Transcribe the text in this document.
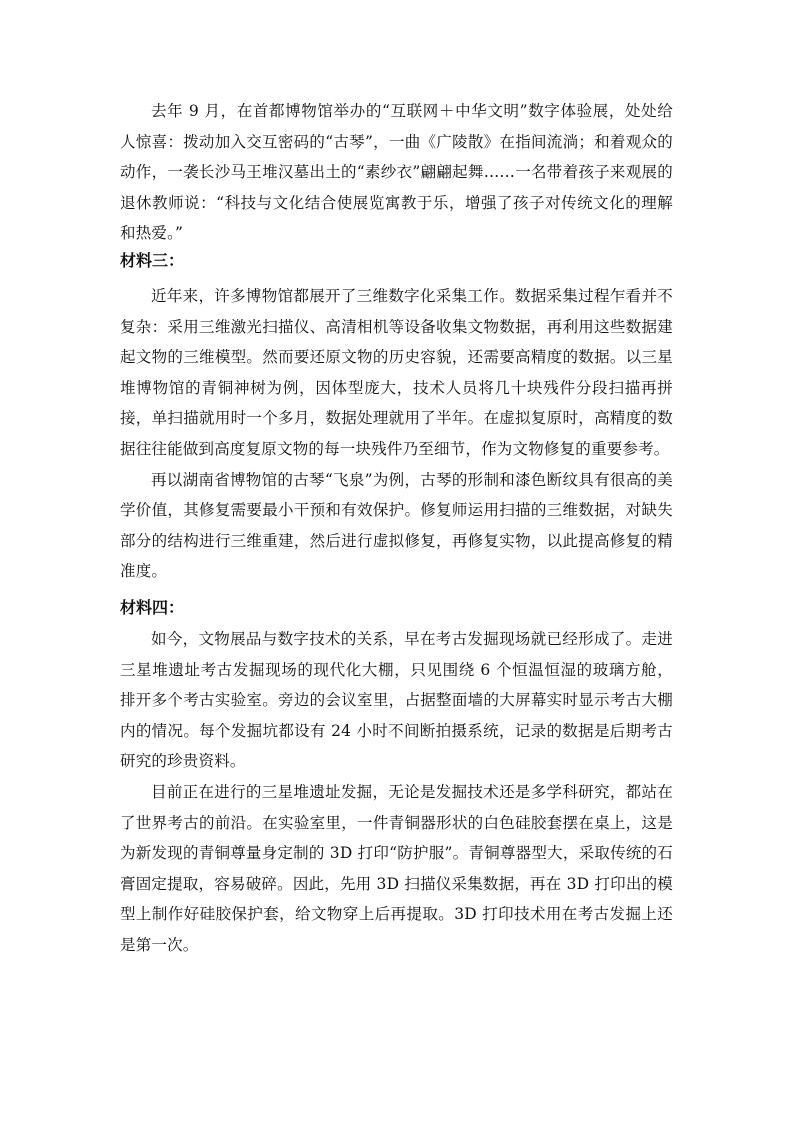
去年 9 月，在首都博物馆举办的“互联网＋中华文明”数字体验展，处处给人惊喜：拨动加入交互密码的“古琴”，一曲《广陵散》在指间流淌；和着观众的动作，一袭长沙马王堆汉墓出土的“素纱衣”翩翩起舞……一名带着孩子来观展的退休教师说：“科技与文化结合使展览寓教于乐，增强了孩子对传统文化的理解和热爱。”

材料三：

近年来，许多博物馆都展开了三维数字化采集工作。数据采集过程乍看并不复杂：采用三维激光扫描仪、高清相机等设备收集文物数据，再利用这些数据建起文物的三维模型。然而要还原文物的历史容貌，还需要高精度的数据。以三星堆博物馆的青铜神树为例，因体型庞大，技术人员将几十块残件分段扫描再拼接，单扫描就用时一个多月，数据处理就用了半年。在虚拟复原时，高精度的数据往往能做到高度复原文物的每一块残件乃至细节，作为文物修复的重要参考。

再以湖南省博物馆的古琴“飞泉”为例，古琴的形制和漆色断纹具有很高的美学价值，其修复需要最小干预和有效保护。修复师运用扫描的三维数据，对缺失部分的结构进行三维重建，然后进行虚拟修复，再修复实物，以此提高修复的精准度。

材料四：

如今，文物展品与数字技术的关系，早在考古发掘现场就已经形成了。走进三星堆遗址考古发掘现场的现代化大棚，只见围绕 6 个恒温恒湿的玻璃方舱，排开多个考古实验室。旁边的会议室里，占据整面墙的大屏幕实时显示考古大棚内的情况。每个发掘坑都设有 24 小时不间断拍摄系统，记录的数据是后期考古研究的珍贵资料。

目前正在进行的三星堆遗址发掘，无论是发掘技术还是多学科研究，都站在了世界考古的前沿。在实验室里，一件青铜器形状的白色硅胶套摆在桌上，这是为新发现的青铜尊量身定制的 3D 打印“防护服”。青铜尊器型大，采取传统的石膏固定提取，容易破碎。因此，先用 3D 扫描仪采集数据，再在 3D 打印出的模型上制作好硅胶保护套，给文物穿上后再提取。3D 打印技术用在考古发掘上还是第一次。
